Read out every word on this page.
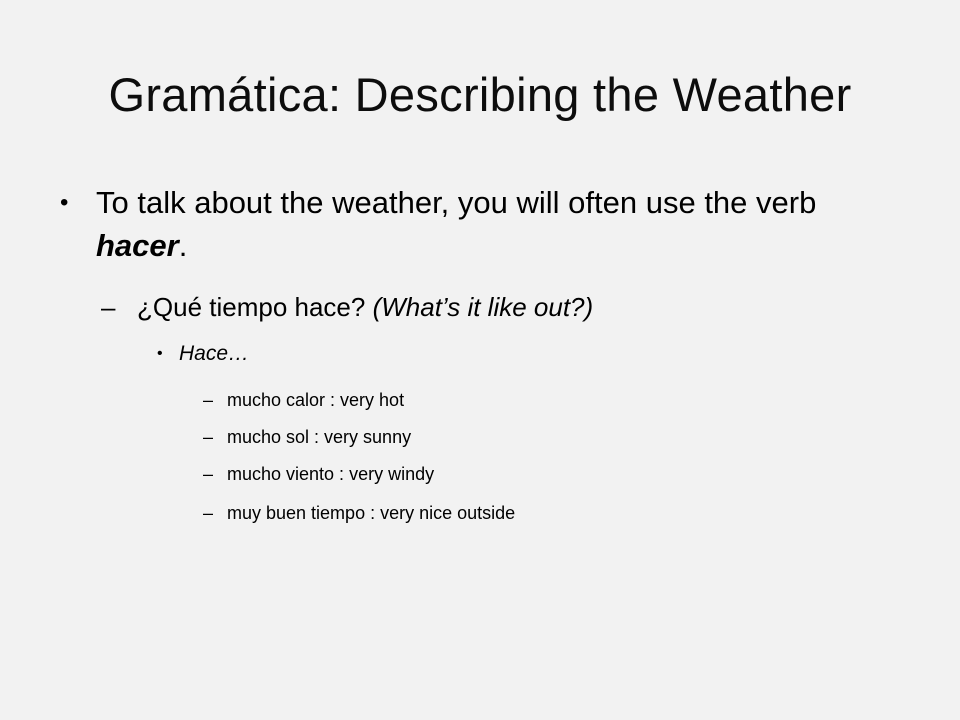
Gramática: Describing the Weather
• To talk about the weather, you will often use the verb hacer.
– ¿Qué tiempo hace? (What’s it like out?)
• Hace…
– mucho calor : very hot
– mucho sol : very sunny
– mucho viento : very windy
– muy buen tiempo : very nice outside
